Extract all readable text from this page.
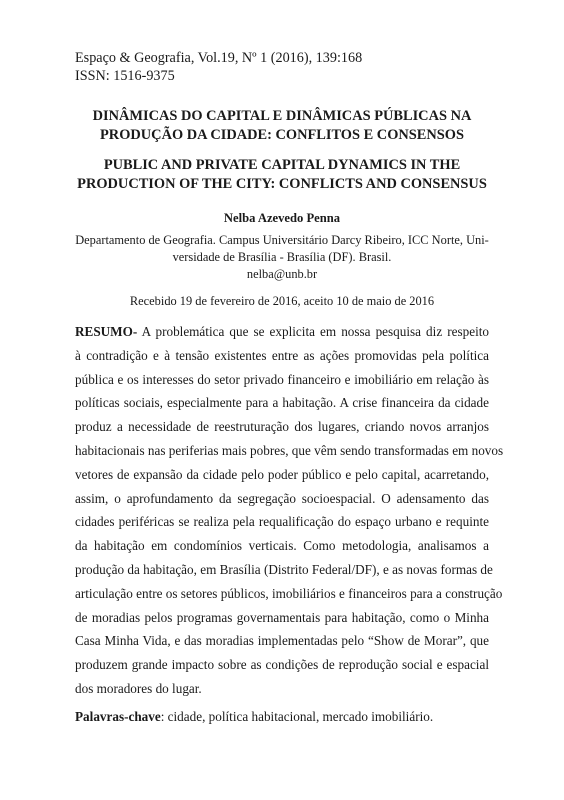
Espaço & Geografia, Vol.19, Nº 1 (2016), 139:168
ISSN: 1516-9375
DINÂMICAS DO CAPITAL E DINÂMICAS PÚBLICAS NA
PRODUÇÃO DA CIDADE: CONFLITOS E CONSENSOS
PUBLIC AND PRIVATE CAPITAL DYNAMICS IN THE
PRODUCTION OF THE CITY: CONFLICTS AND CONSENSUS
Nelba Azevedo Penna
Departamento de Geografia. Campus Universitário Darcy Ribeiro, ICC Norte, Uni-
versidade de Brasília - Brasília (DF). Brasil.
nelba@unb.br
Recebido 19 de fevereiro de 2016, aceito 10 de maio de 2016
RESUMO- A problemática que se explicita em nossa pesquisa diz respeito
à contradição e à tensão existentes entre as ações promovidas pela política
pública e os interesses do setor privado financeiro e imobiliário em relação às
políticas sociais, especialmente para a habitação. A crise financeira da cidade
produz a necessidade de reestruturação dos lugares, criando novos arranjos
habitacionais nas periferias mais pobres, que vêm sendo transformadas em novos
vetores de expansão da cidade pelo poder público e pelo capital, acarretando,
assim, o aprofundamento da segregação socioespacial. O adensamento das
cidades periféricas se realiza pela requalificação do espaço urbano e requinte
da habitação em condomínios verticais. Como metodologia, analisamos a
produção da habitação, em Brasília (Distrito Federal/DF), e as novas formas de
articulação entre os setores públicos, imobiliários e financeiros para a construção
de moradias pelos programas governamentais para habitação, como o Minha
Casa Minha Vida, e das moradias implementadas pelo “Show de Morar”, que
produzem grande impacto sobre as condições de reprodução social e espacial
dos moradores do lugar.
Palavras-chave: cidade, política habitacional, mercado imobiliário.
